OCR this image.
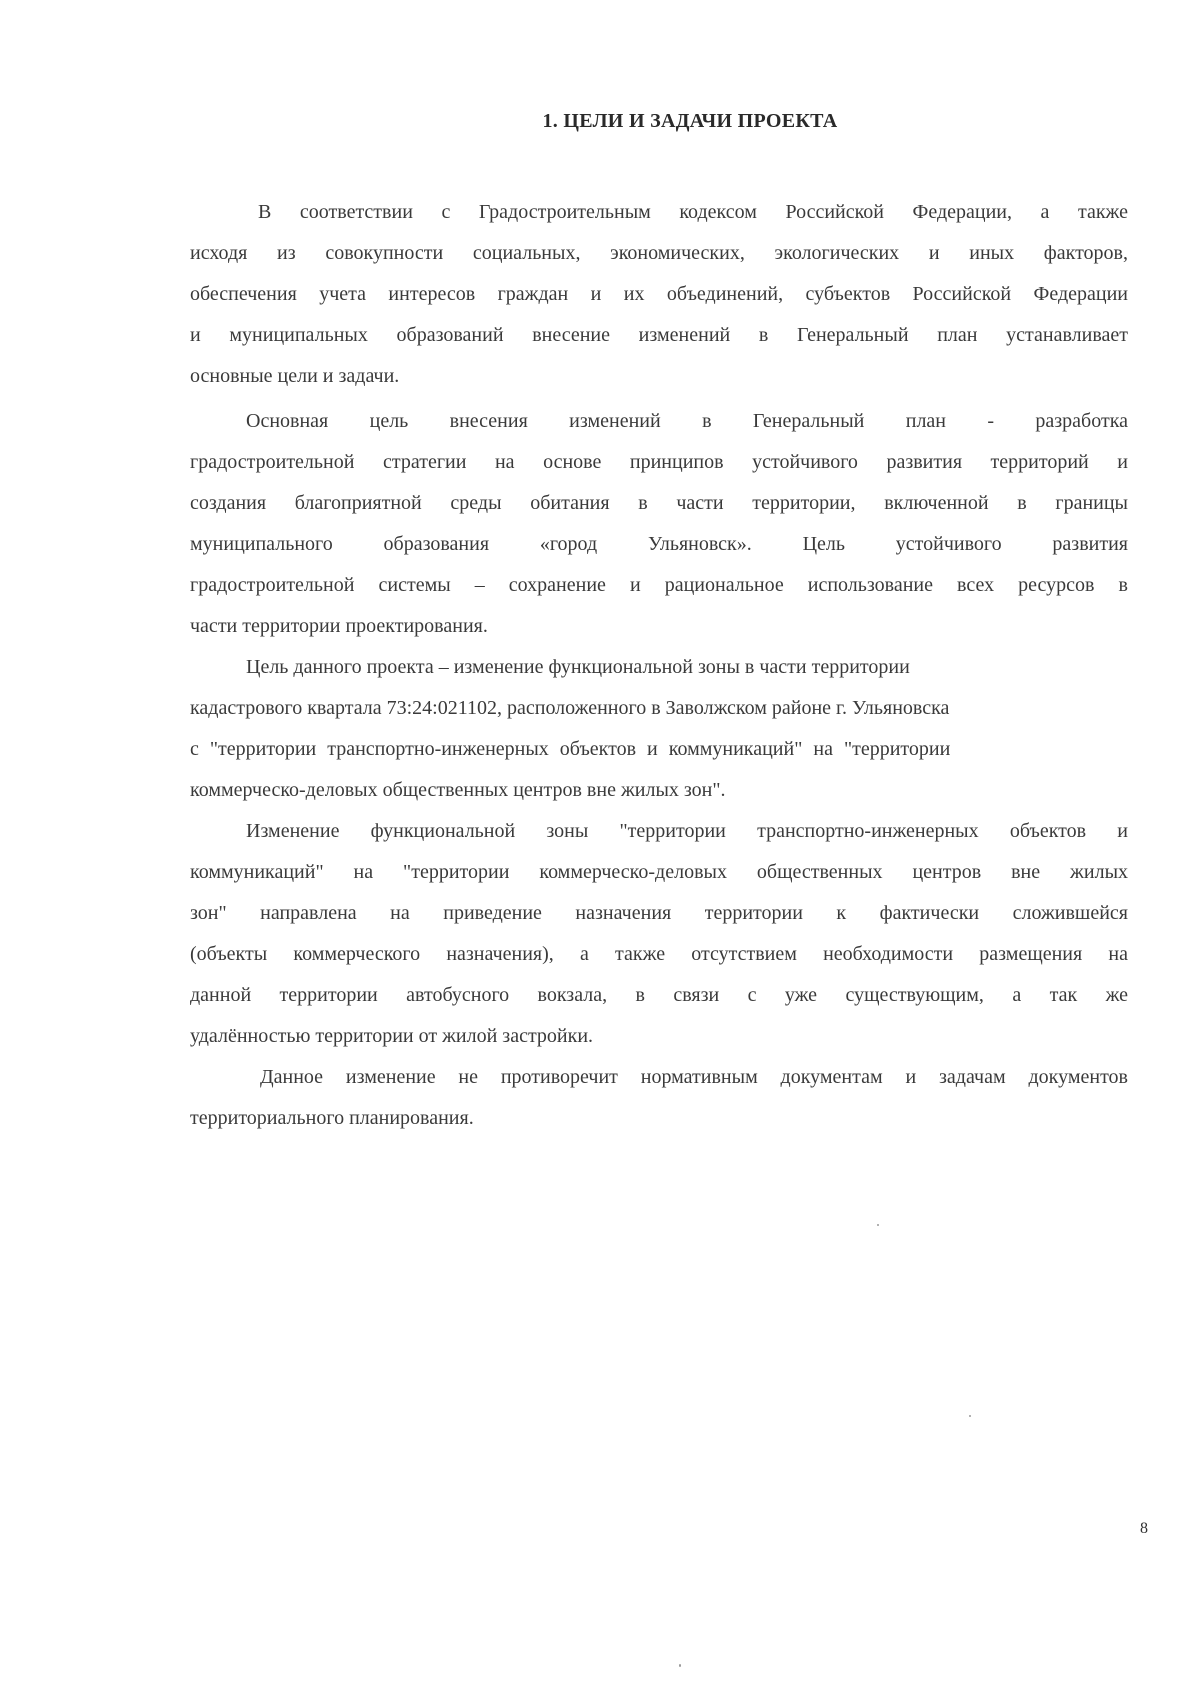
1. ЦЕЛИ И ЗАДАЧИ ПРОЕКТА
В соответствии с Градостроительным кодексом Российской Федерации, а также
исходя из совокупности социальных, экономических, экологических и иных факторов,
обеспечения учета интересов граждан и их объединений, субъектов Российской Федерации
и муниципальных образований внесение изменений в Генеральный план устанавливает
основные цели и задачи.
Основная цель внесения изменений в Генеральный план - разработка
градостроительной стратегии на основе принципов устойчивого развития территорий и
создания благоприятной среды обитания в части территории, включенной в границы
муниципального образования «город Ульяновск». Цель устойчивого развития
градостроительной системы – сохранение и рациональное использование всех ресурсов в
части территории проектирования.
Цель данного проекта – изменение функциональной зоны в части территории
кадастрового квартала 73:24:021102, расположенного в Заволжском районе г. Ульяновска
с "территории транспортно-инженерных объектов и коммуникаций" на "территории
коммерческо-деловых общественных центров вне жилых зон".
Изменение функциональной зоны "территории транспортно-инженерных объектов и
коммуникаций" на "территории коммерческо-деловых общественных центров вне жилых
зон" направлена на приведение назначения территории к фактически сложившейся
(объекты коммерческого назначения), а также отсутствием необходимости размещения на
данной территории автобусного вокзала, в связи с уже существующим, а так же
удалённостью территории от жилой застройки.
Данное изменение не противоречит нормативным документам и задачам документов
территориального планирования.
8
